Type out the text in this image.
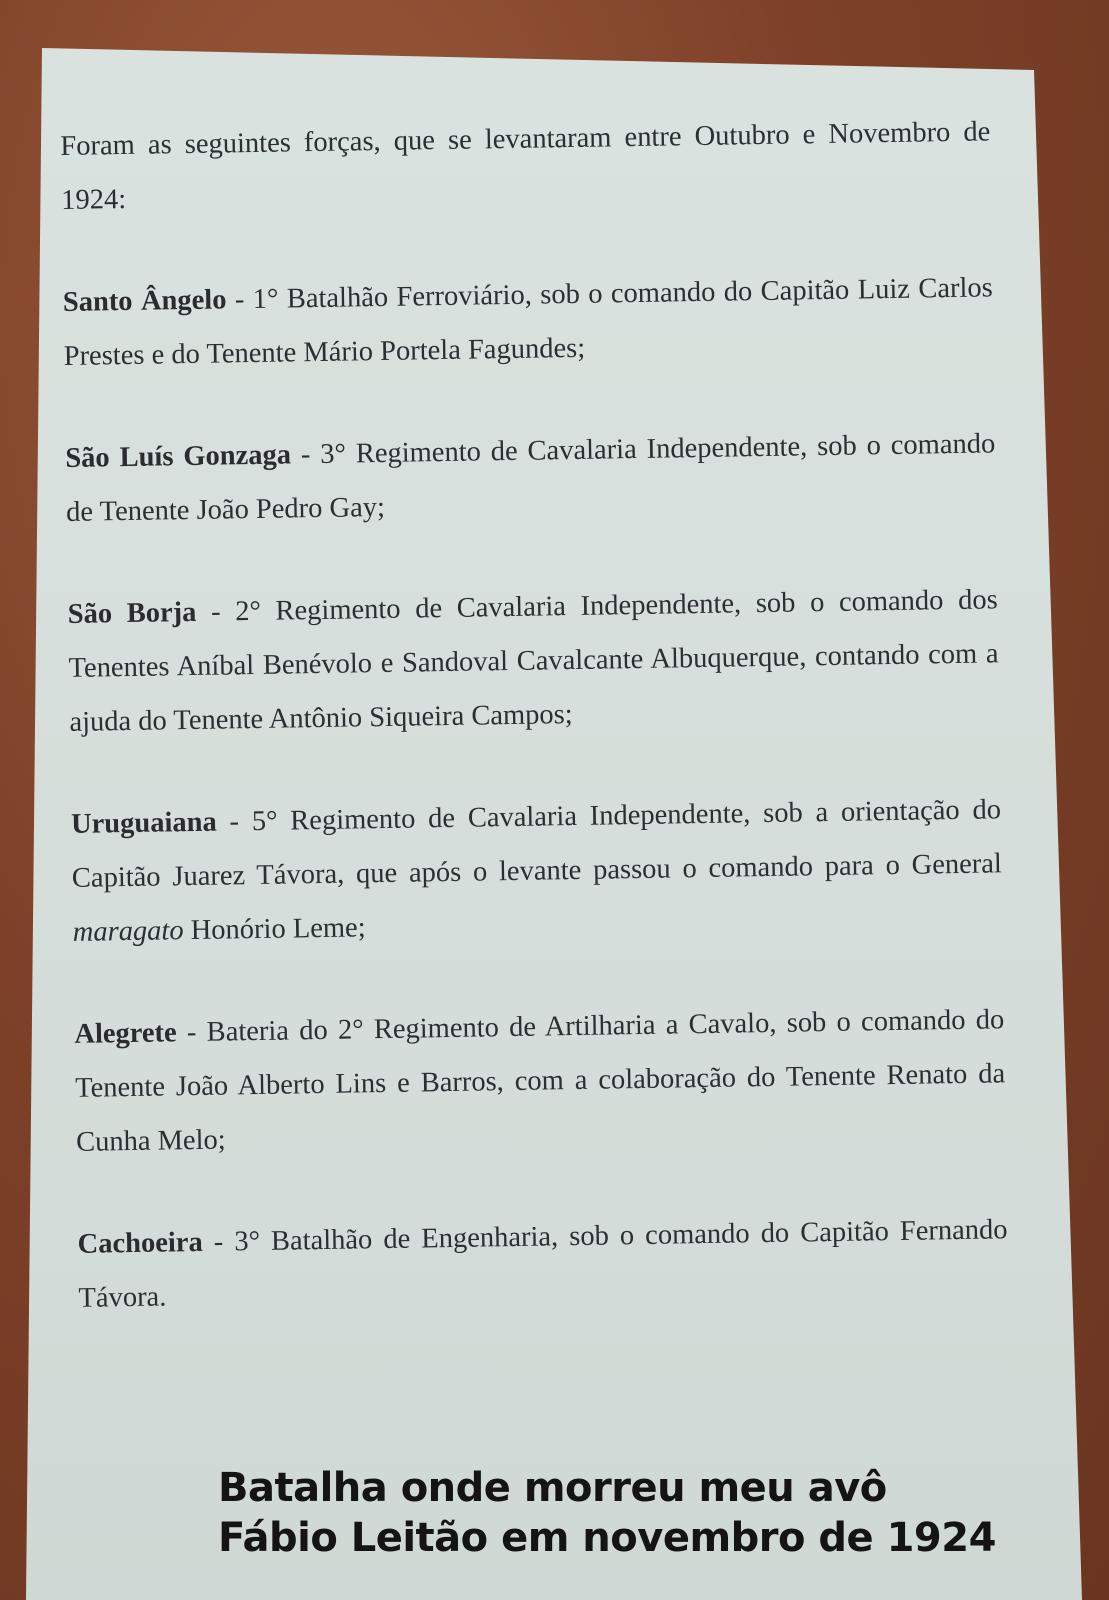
Foram as seguintes forças, que se levantaram entre Outubro e Novembro de 1924:

Santo Ângelo - 1° Batalhão Ferroviário, sob o comando do Capitão Luiz Carlos Prestes e do Tenente Mário Portela Fagundes;

São Luís Gonzaga - 3° Regimento de Cavalaria Independente, sob o comando de Tenente João Pedro Gay;

São Borja - 2° Regimento de Cavalaria Independente, sob o comando dos Tenentes Aníbal Benévolo e Sandoval Cavalcante Albuquerque, contando com a ajuda do Tenente Antônio Siqueira Campos;

Uruguaiana - 5° Regimento de Cavalaria Independente, sob a orientação do Capitão Juarez Távora, que após o levante passou o comando para o General maragato Honório Leme;

Alegrete - Bateria do 2° Regimento de Artilharia a Cavalo, sob o comando do Tenente João Alberto Lins e Barros, com a colaboração do Tenente Renato da Cunha Melo;

Cachoeira - 3° Batalhão de Engenharia, sob o comando do Capitão Fernando Távora.

Batalha onde morreu meu avô
Fábio Leitão em novembro de 1924
